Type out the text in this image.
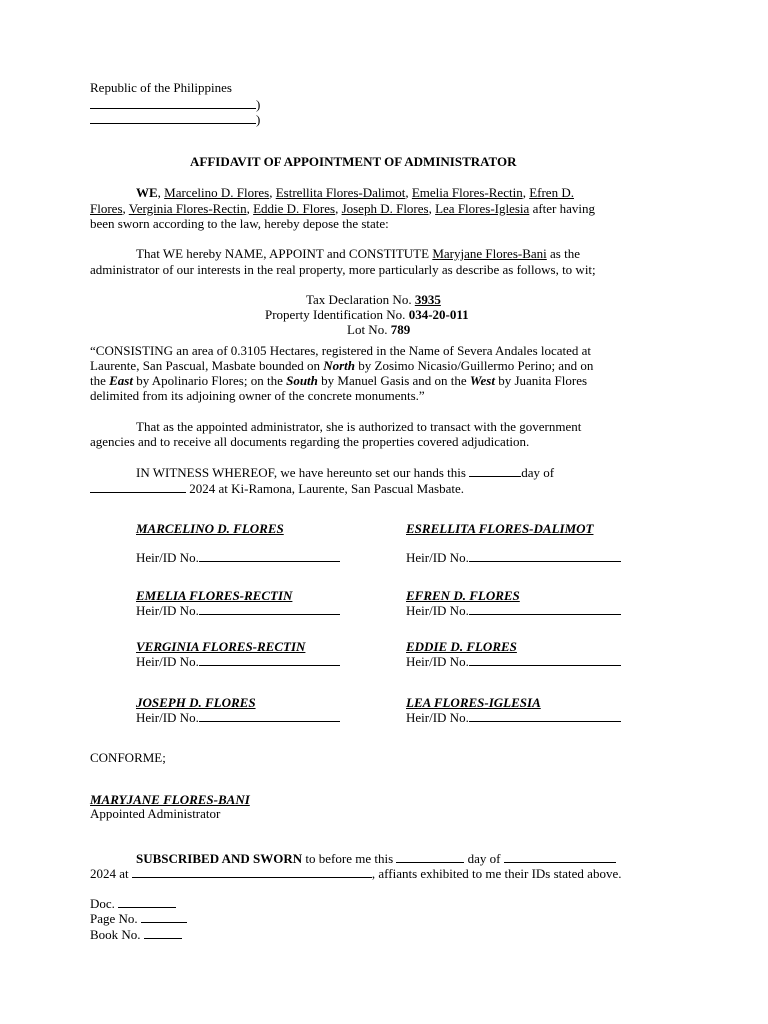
Republic of the Philippines
)
)
AFFIDAVIT OF APPOINTMENT OF ADMINISTRATOR
WE, Marcelino D. Flores, Estrellita Flores-Dalimot, Emelia Flores-Rectin, Efren D.
Flores, Verginia Flores-Rectin, Eddie D. Flores, Joseph D. Flores, Lea Flores-Iglesia after having
been sworn according to the law, hereby depose the state:
That WE hereby NAME, APPOINT and CONSTITUTE Maryjane Flores-Bani as the
administrator of our interests in the real property, more particularly as describe as follows, to wit;
Tax Declaration No. 3935
Property Identification No. 034-20-011
Lot No. 789
“CONSISTING an area of 0.3105 Hectares, registered in the Name of Severa Andales located at
Laurente, San Pascual, Masbate bounded on North by Zosimo Nicasio/Guillermo Perino; and on
the East by Apolinario Flores; on the South by Manuel Gasis and on the West by Juanita Flores
delimited from its adjoining owner of the concrete monuments.”
That as the appointed administrator, she is authorized to transact with the government
agencies and to receive all documents regarding the properties covered adjudication.
IN WITNESS WHEREOF, we have hereunto set our hands this	day of
2024 at Ki-Ramona, Laurente, San Pascual Masbate.
MARCELINO D. FLORES	ESRELLITA FLORES-DALIMOT
Heir/ID No.	Heir/ID No.
EMELIA FLORES-RECTIN	EFREN D. FLORES
Heir/ID No.	Heir/ID No.
VERGINIA FLORES-RECTIN	EDDIE D. FLORES
Heir/ID No.	Heir/ID No.
JOSEPH D. FLORES	LEA FLORES-IGLESIA
Heir/ID No.	Heir/ID No.
CONFORME;
MARYJANE FLORES-BANI
Appointed Administrator
SUBSCRIBED AND SWORN to before me this	day of
2024 at	, affiants exhibited to me their IDs stated above.
Doc.
Page No.
Book No.
